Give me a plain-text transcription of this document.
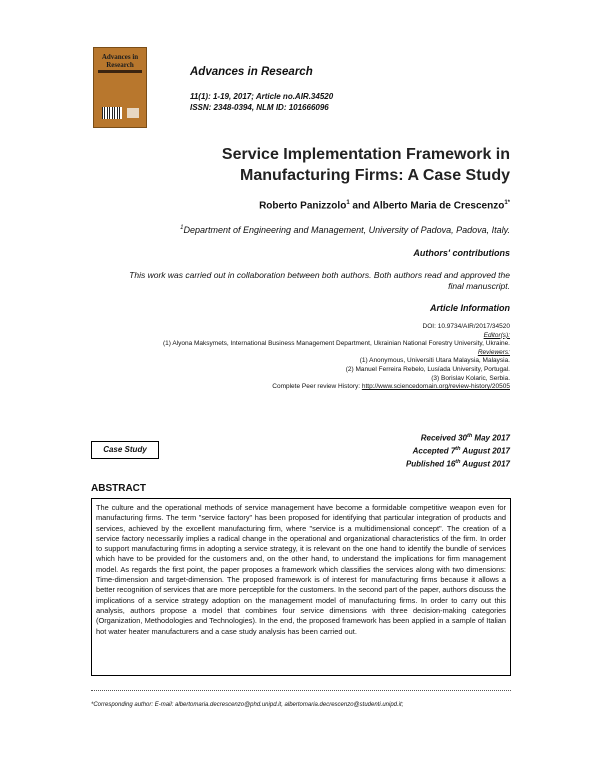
Advances in Research
Advances in Research
11(1): 1-19, 2017; Article no.AIR.34520
ISSN: 2348-0394, NLM ID: 101666096
Service Implementation Framework in
Manufacturing Firms: A Case Study
Roberto Panizzolo$^1$ and Alberto Maria de Crescenzo$^{1*}$
$^1$Department of Engineering and Management, University of Padova, Padova, Italy.
Authors' contributions
This work was carried out in collaboration between both authors. Both authors read and approved the
final manuscript.
Article Information
DOI: 10.9734/AIR/2017/34520
Editor(s):
(1) Alyona Maksymets, International Business Management Department, Ukrainian National Forestry University, Ukraine.
Reviewers:
(1) Anonymous, Universiti Utara Malaysia, Malaysia.
(2) Manuel Ferreira Rebelo, Lusíada University, Portugal.
(3) Borislav Kolaric, Serbia.
Complete Peer review History: http://www.sciencedomain.org/review-history/20505
Case Study
Received 30th May 2017
Accepted 7th August 2017
Published 16th August 2017
ABSTRACT
The culture and the operational methods of service management have become a formidable competitive weapon even for manufacturing firms. The term "service factory" has been proposed for identifying that particular integration of products and services, achieved by the excellent manufacturing firm, where "service is a multidimensional concept". The creation of a service factory necessarily implies a radical change in the operational and organizational characteristics of the firm. In order to support manufacturing firms in adopting a service strategy, it is relevant on the one hand to identify the bundle of services which have to be provided for the customers and, on the other hand, to understand the implications for firm management model. As regards the first point, the paper proposes a framework which classifies the services along with two dimensions: Time-dimension and target-dimension. The proposed framework is of interest for manufacturing firms because it allows a better recognition of services that are more perceptible for the customers. In the second part of the paper, authors discuss the implications of a service strategy adoption on the management model of manufacturing firms. In order to carry out this analysis, authors propose a model that combines four service dimensions with three decision-making categories (Organization, Methodologies and Technologies). In the end, the proposed framework has been applied in a sample of Italian hot water heater manufacturers and a case study analysis has been carried out.
*Corresponding author: E-mail: albertomaria.decrescenzo@phd.unipd.it, albertomaria.decrescenzo@studenti.unipd.it;
